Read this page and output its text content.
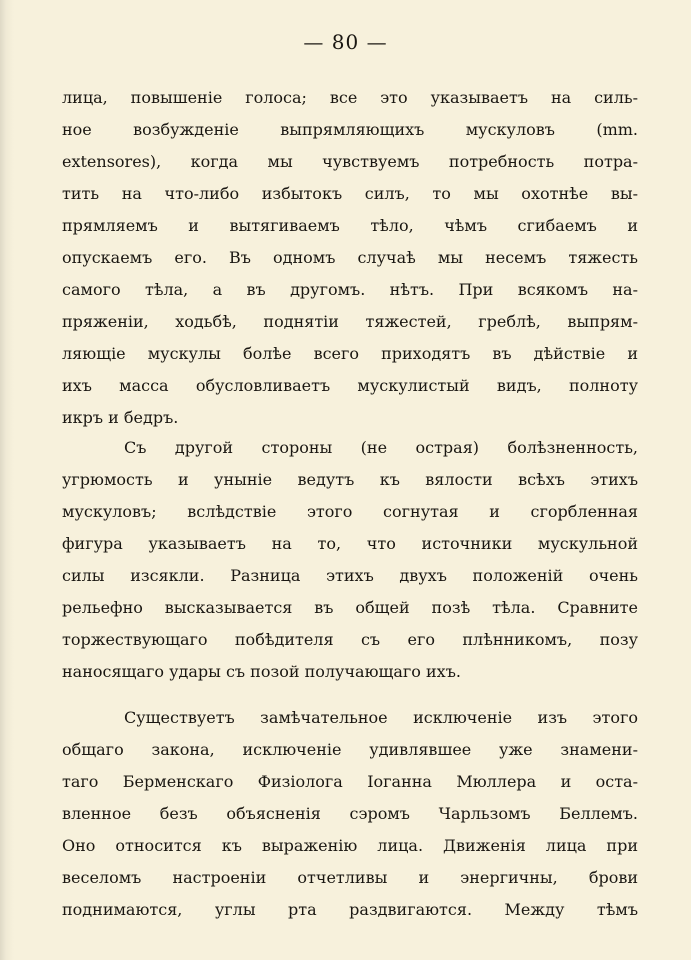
— 80 —
лица, повышеніе голоса; все это указываетъ на силь-
ное возбужденіе выпрямляющихъ мускуловъ (mm.
extensores), когда мы чувствуемъ потребность потра-
тить на что-либо избытокъ силъ, то мы охотнѣе вы-
прямляемъ и вытягиваемъ тѣло, чѣмъ сгибаемъ и
опускаемъ его. Въ одномъ случаѣ мы несемъ тяжесть
самого тѣла, а въ другомъ. нѣтъ. При всякомъ на-
пряженіи, ходьбѣ, поднятіи тяжестей, греблѣ, выпрям-
ляющіе мускулы болѣе всего приходятъ въ дѣйствіе и
ихъ масса обусловливаетъ мускулистый видъ, полноту
икръ и бедръ.
Съ другой стороны (не острая) болѣзненность,
угрюмость и уныніе ведутъ къ вялости всѣхъ этихъ
мускуловъ; вслѣдствіе этого согнутая и сгорбленная
фигура указываетъ на то, что источники мускульной
силы изсякли. Разница этихъ двухъ положеній очень
рельефно высказывается въ общей позѣ тѣла. Сравните
торжествующаго побѣдителя съ его плѣнникомъ, позу
наносящаго удары съ позой получающаго ихъ.
Существуетъ замѣчательное исключеніе изъ этого
общаго закона, исключеніе удивлявшее уже знамени-
таго Берменскаго Физіолога Іоганна Мюллера и оста-
вленное безъ объясненія сэромъ Чарльзомъ Беллемъ.
Оно относится къ выраженію лица. Движенія лица при
веселомъ настроеніи отчетливы и энергичны, брови
поднимаются, углы рта раздвигаются. Между тѣмъ
